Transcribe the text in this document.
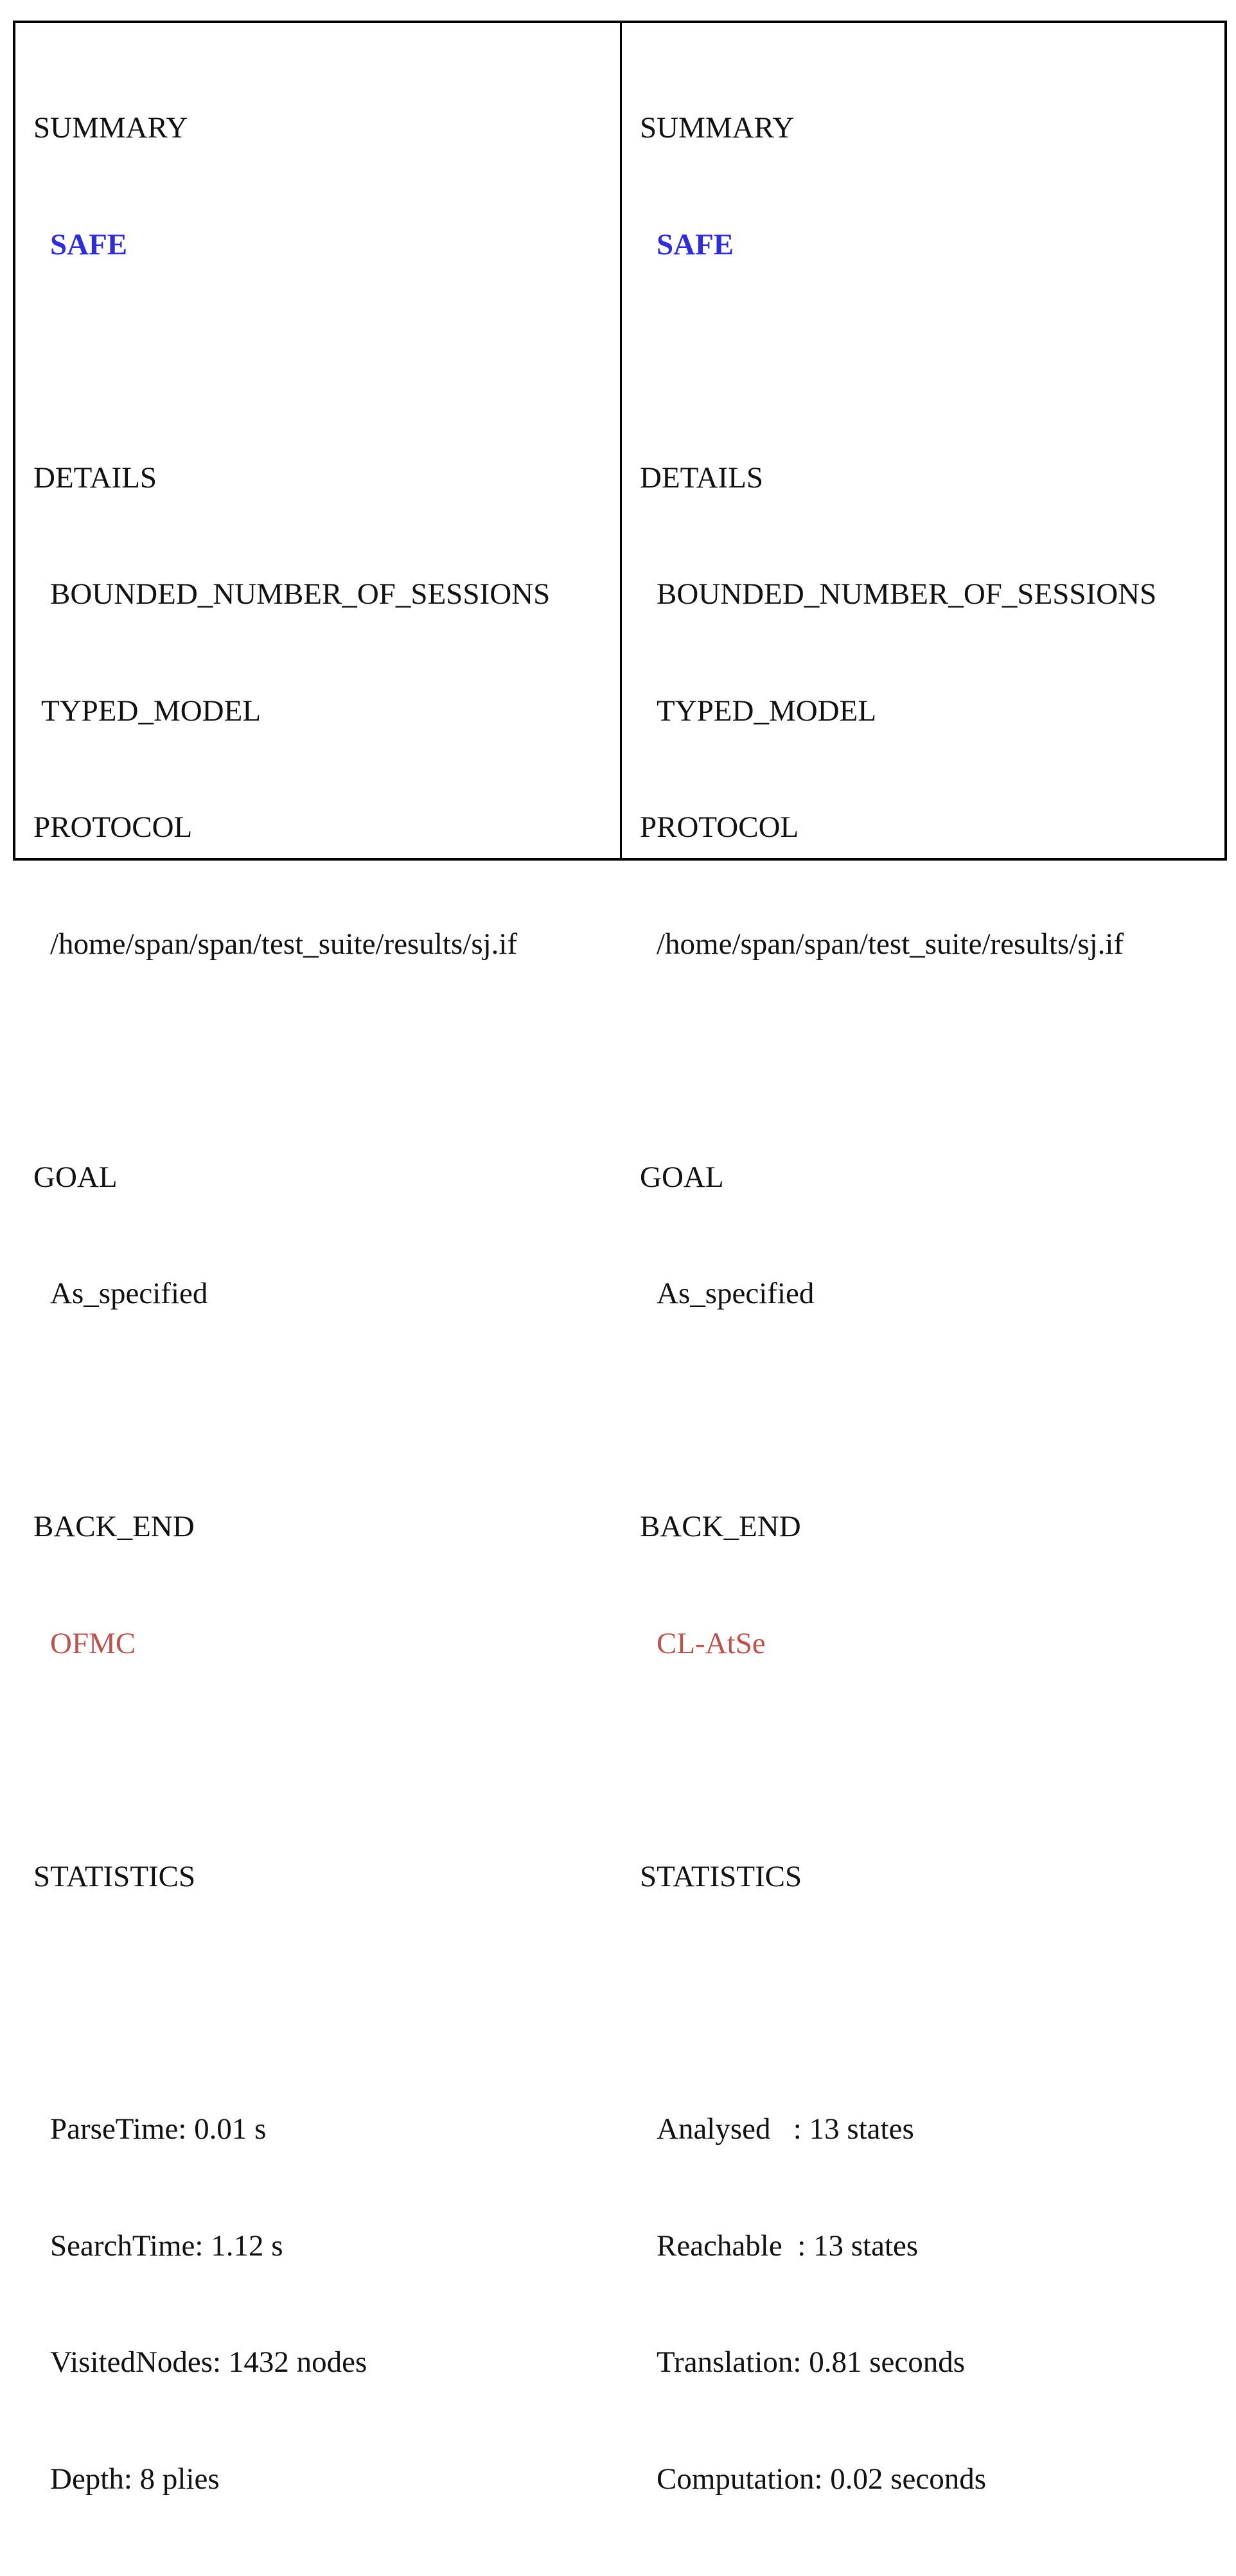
SUMMARY

SAFE

DETAILS

BOUNDED_NUMBER_OF_SESSIONS

TYPED_MODEL

PROTOCOL

/home/span/span/test_suite/results/sj.if

GOAL

As_specified

BACK_END

OFMC

STATISTICS

ParseTime: 0.01 s

SearchTime: 1.12 s

VisitedNodes: 1432 nodes

Depth: 8 plies

SUMMARY

SAFE

DETAILS

BOUNDED_NUMBER_OF_SESSIONS

TYPED_MODEL

PROTOCOL

/home/span/span/test_suite/results/sj.if

GOAL

As_specified

BACK_END

CL-AtSe

STATISTICS

Analysed   : 13 states

Reachable  : 13 states

Translation: 0.81 seconds

Computation: 0.02 seconds
